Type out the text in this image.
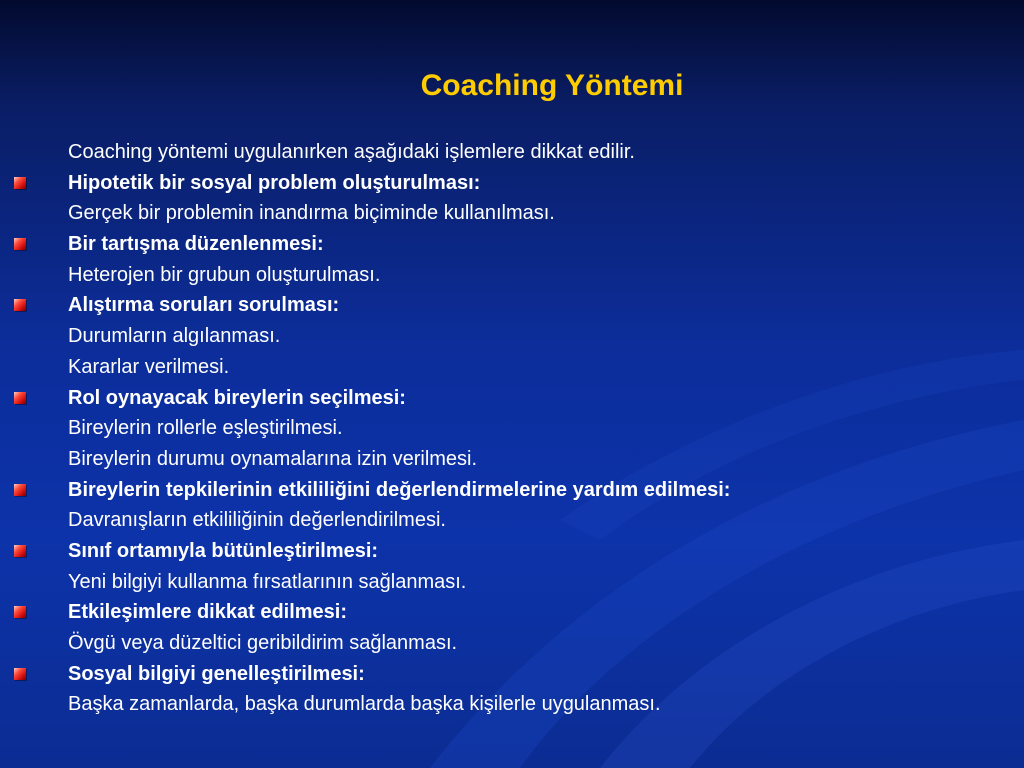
Coaching Yöntemi
Coaching yöntemi uygulanırken aşağıdaki işlemlere dikkat edilir.
Hipotetik bir sosyal problem oluşturulması:
Gerçek bir problemin inandırma biçiminde kullanılması.
Bir tartışma düzenlenmesi:
Heterojen bir grubun oluşturulması.
Alıştırma soruları sorulması:
Durumların algılanması.
Kararlar verilmesi.
Rol oynayacak bireylerin seçilmesi:
Bireylerin rollerle eşleştirilmesi.
Bireylerin durumu oynamalarına izin verilmesi.
Bireylerin tepkilerinin etkililiğini değerlendirmelerine yardım edilmesi:
Davranışların etkililiğinin değerlendirilmesi.
Sınıf ortamıyla bütünleştirilmesi:
Yeni bilgiyi kullanma fırsatlarının sağlanması.
Etkileşimlere dikkat edilmesi:
Övgü veya düzeltici geribildirim sağlanması.
Sosyal bilgiyi genelleştirilmesi:
Başka zamanlarda, başka durumlarda başka kişilerle uygulanması.
